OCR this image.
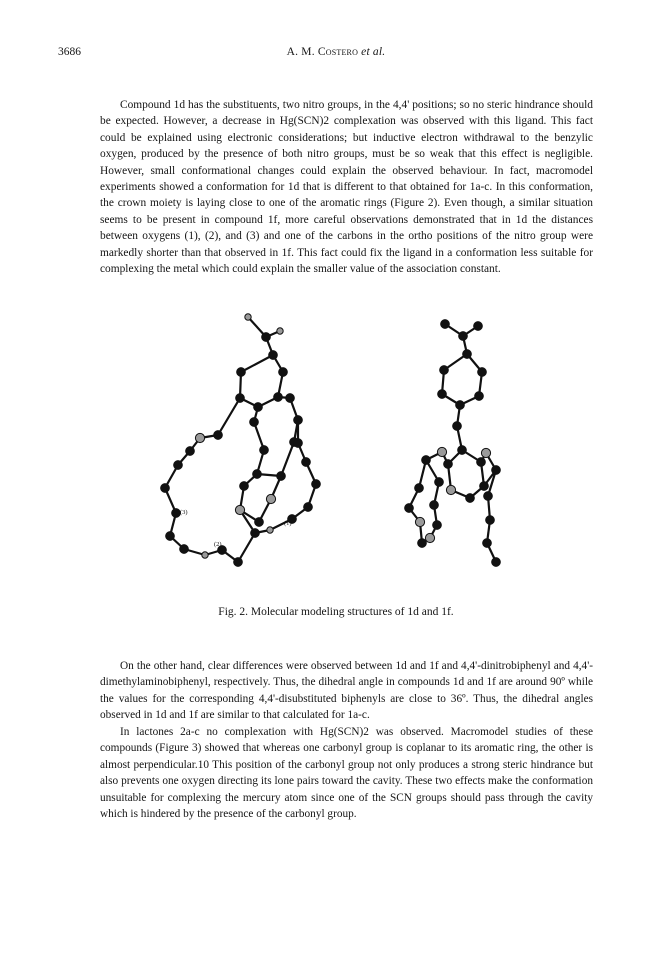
3686	A. M. Costero et al.

Compound 1d has the substituents, two nitro groups, in the 4,4' positions; so no steric hindrance should be expected. However, a decrease in Hg(SCN)2 complexation was observed with this ligand. This fact could be explained using electronic considerations; but inductive electron withdrawal to the benzylic oxygen, produced by the presence of both nitro groups, must be so weak that this effect is negligible. However, small conformational changes could explain the observed behaviour. In fact, macromodel experiments showed a conformation for 1d that is different to that obtained for 1a-c. In this conformation, the crown moiety is laying close to one of the aromatic rings (Figure 2). Even though, a similar situation seems to be present in compound 1f, more careful observations demonstrated that in 1d the distances between oxygens (1), (2), and (3) and one of the carbons in the ortho positions of the nitro group were markedly shorter than that observed in 1f. This fact could fix the ligand in a conformation less suitable for complexing the metal which could explain the smaller value of the association constant.

(3)
(2)
(1)
Fig. 2. Molecular modeling structures of 1d and 1f.

On the other hand, clear differences were observed between 1d and 1f and 4,4'-dinitrobiphenyl and 4,4'-dimethylaminobiphenyl, respectively. Thus, the dihedral angle in compounds 1d and 1f are around 90º while the values for the corresponding 4,4'-disubstituted biphenyls are close to 36º. Thus, the dihedral angles observed in 1d and 1f are similar to that calculated for 1a-c.

In lactones 2a-c no complexation with Hg(SCN)2 was observed. Macromodel studies of these compounds (Figure 3) showed that whereas one carbonyl group is coplanar to its aromatic ring, the other is almost perpendicular.10 This position of the carbonyl group not only produces a strong steric hindrance but also prevents one oxygen directing its lone pairs toward the cavity. These two effects make the conformation unsuitable for complexing the mercury atom since one of the SCN groups should pass through the cavity which is hindered by the presence of the carbonyl group.
